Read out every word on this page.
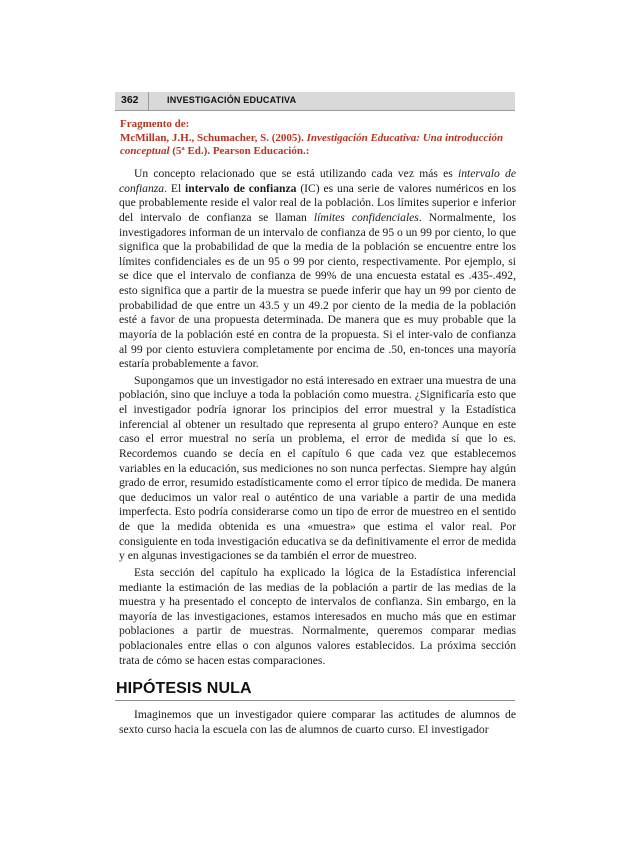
362	INVESTIGACIÓN EDUCATIVA
Fragmento de:
McMillan, J.H., Schumacher, S. (2005). Investigación Educativa: Una introducción conceptual (5ª Ed.). Pearson Educación.:

Un concepto relacionado que se está utilizando cada vez más es intervalo de confianza. El intervalo de confianza (IC) es una serie de valores numéricos en los que probablemente reside el valor real de la población. Los límites superior e inferior del intervalo de confianza se llaman límites confidenciales. Normalmente, los investigadores informan de un intervalo de confianza de 95 o un 99 por ciento, lo que significa que la probabilidad de que la media de la población se encuentre entre los límites confidenciales es de un 95 o 99 por ciento, respectivamente. Por ejemplo, si se dice que el intervalo de confianza de 99% de una encuesta estatal es .435-.492, esto significa que a partir de la muestra se puede inferir que hay un 99 por ciento de probabilidad de que entre un 43.5 y un 49.2 por ciento de la media de la población esté a favor de una propuesta determinada. De manera que es muy probable que la mayoría de la población esté en contra de la propuesta. Si el inter-valo de confianza al 99 por ciento estuviera completamente por encima de .50, en-tonces una mayoría estaría probablemente a favor.

Supongamos que un investigador no está interesado en extraer una muestra de una población, sino que incluye a toda la población como muestra. ¿Significaría esto que el investigador podría ignorar los principios del error muestral y la Estadística inferencial al obtener un resultado que representa al grupo entero? Aunque en este caso el error muestral no sería un problema, el error de medida sí que lo es. Recordemos cuando se decía en el capítulo 6 que cada vez que establecemos variables en la educación, sus mediciones no son nunca perfectas. Siempre hay algún grado de error, resumido estadísticamente como el error típico de medida. De manera que deducimos un valor real o auténtico de una variable a partir de una medida imperfecta. Esto podría considerarse como un tipo de error de muestreo en el sentido de que la medida obtenida es una «muestra» que estima el valor real. Por consiguiente en toda investigación educativa se da definitivamente el error de medida y en algunas investigaciones se da también el error de muestreo.

Esta sección del capítulo ha explicado la lógica de la Estadística inferencial mediante la estimación de las medias de la población a partir de las medias de la muestra y ha presentado el concepto de intervalos de confianza. Sin embargo, en la mayoría de las investigaciones, estamos interesados en mucho más que en estimar poblaciones a partir de muestras. Normalmente, queremos comparar medias poblacionales entre ellas o con algunos valores establecidos. La próxima sección trata de cómo se hacen estas comparaciones.

HIPÓTESIS NULA

Imaginemos que un investigador quiere comparar las actitudes de alumnos de sexto curso hacia la escuela con las de alumnos de cuarto curso. El investigador
